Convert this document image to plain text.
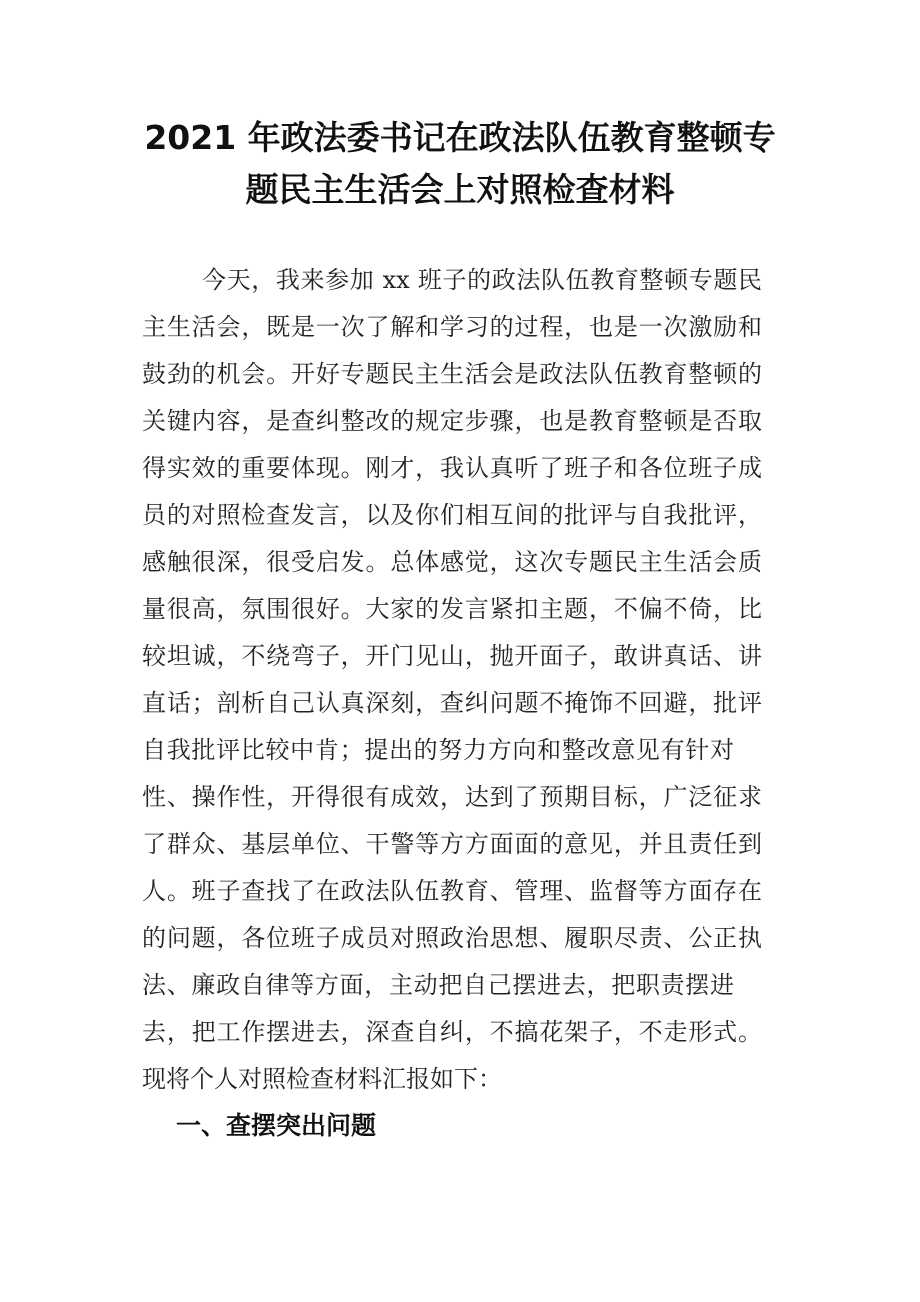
2021 年政法委书记在政法队伍教育整顿专
题民主生活会上对照检查材料
今天，我来参加 xx 班子的政法队伍教育整顿专题民
主生活会，既是一次了解和学习的过程，也是一次激励和
鼓劲的机会。开好专题民主生活会是政法队伍教育整顿的
关键内容，是查纠整改的规定步骤，也是教育整顿是否取
得实效的重要体现。刚才，我认真听了班子和各位班子成
员的对照检查发言，以及你们相互间的批评与自我批评，
感触很深，很受启发。总体感觉，这次专题民主生活会质
量很高，氛围很好。大家的发言紧扣主题，不偏不倚，比
较坦诚，不绕弯子，开门见山，抛开面子，敢讲真话、讲
直话；剖析自己认真深刻，查纠问题不掩饰不回避，批评
自我批评比较中肯；提出的努力方向和整改意见有针对
性、操作性，开得很有成效，达到了预期目标，广泛征求
了群众、基层单位、干警等方方面面的意见，并且责任到
人。班子查找了在政法队伍教育、管理、监督等方面存在
的问题，各位班子成员对照政治思想、履职尽责、公正执
法、廉政自律等方面，主动把自己摆进去，把职责摆进
去，把工作摆进去，深查自纠，不搞花架子，不走形式。
现将个人对照检查材料汇报如下：
一、查摆突出问题
